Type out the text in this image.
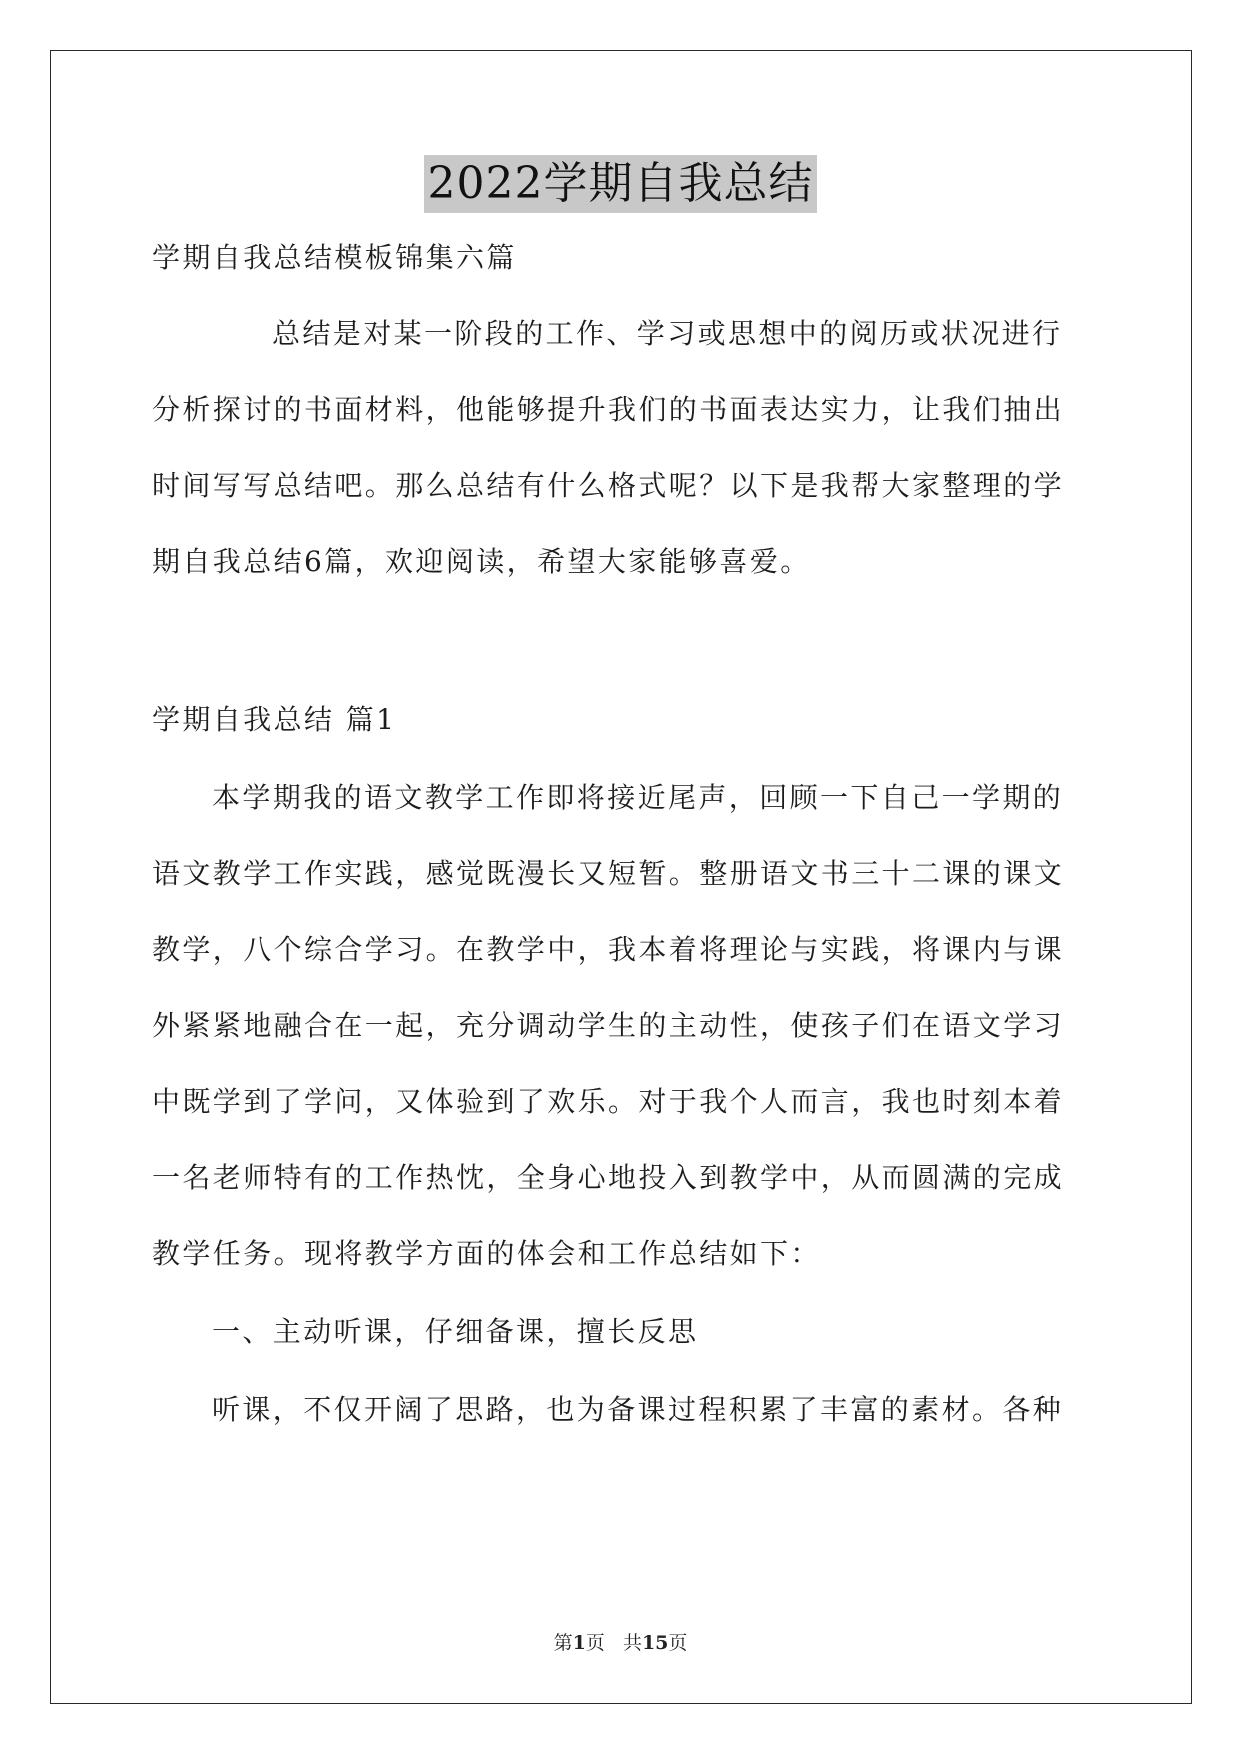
2022学期自我总结
学期自我总结模板锦集六篇
总结是对某一阶段的工作、学习或思想中的阅历或状况进行
分析探讨的书面材料，他能够提升我们的书面表达实力，让我们抽出
时间写写总结吧。那么总结有什么格式呢？以下是我帮大家整理的学
期自我总结6篇，欢迎阅读，希望大家能够喜爱。
学期自我总结 篇1
本学期我的语文教学工作即将接近尾声，回顾一下自己一学期的
语文教学工作实践，感觉既漫长又短暂。整册语文书三十二课的课文
教学，八个综合学习。在教学中，我本着将理论与实践，将课内与课
外紧紧地融合在一起，充分调动学生的主动性，使孩子们在语文学习
中既学到了学问，又体验到了欢乐。对于我个人而言，我也时刻本着
一名老师特有的工作热忱，全身心地投入到教学中，从而圆满的完成
教学任务。现将教学方面的体会和工作总结如下：
一、主动听课，仔细备课，擅长反思
听课，不仅开阔了思路，也为备课过程积累了丰富的素材。各种
第1页   共15页
